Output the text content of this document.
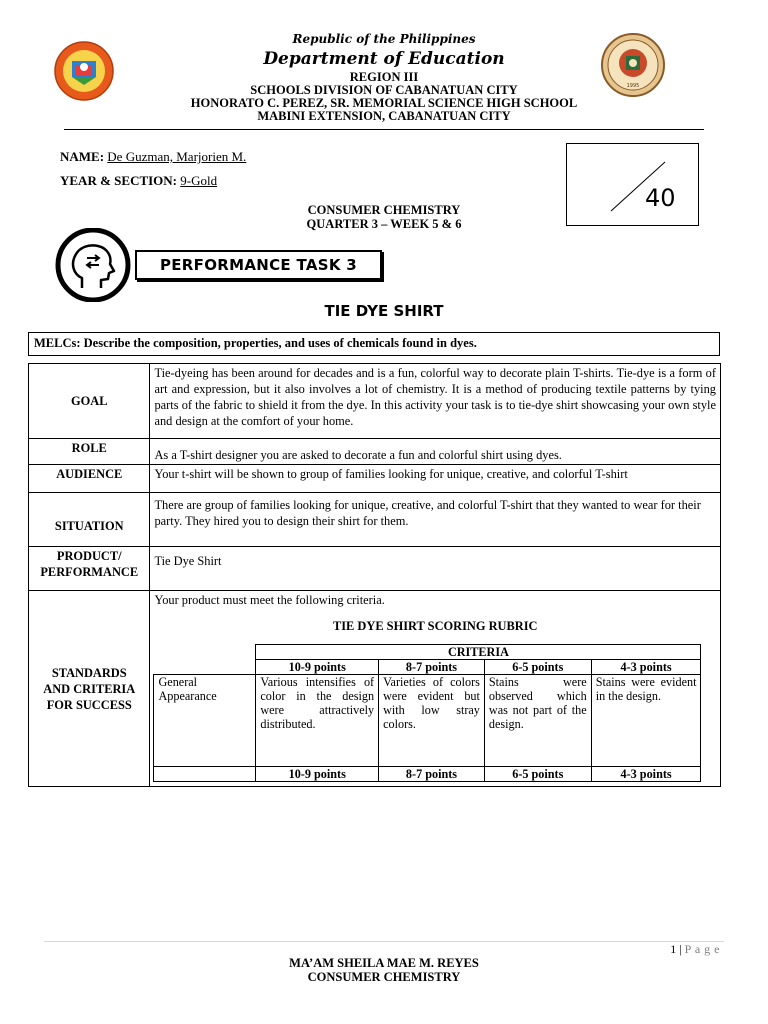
1995
Republic of the Philippines
Department of Education
REGION III
SCHOOLS DIVISION OF CABANATUAN CITY
HONORATO C. PEREZ, SR. MEMORIAL SCIENCE HIGH SCHOOL
MABINI EXTENSION, CABANATUAN CITY
NAME: De Guzman, Marjorien M.
YEAR & SECTION: 9-Gold
40
CONSUMER CHEMISTRY
QUARTER 3 – WEEK 5 & 6
PERFORMANCE TASK 3
TIE DYE SHIRT
MELCs: Describe the composition, properties, and uses of chemicals found in dyes.
GOAL	Tie-dyeing has been around for decades and is a fun, colorful way to decorate plain T-shirts. Tie-dye is a form of art and expression, but it also involves a lot of chemistry. It is a method of producing textile patterns by tying parts of the fabric to shield it from the dye. In this activity your task is to tie-dye shirt showcasing your own style and design at the comfort of your home.
ROLE	As a T-shirt designer you are asked to decorate a fun and colorful shirt using dyes.
AUDIENCE	Your t-shirt will be shown to group of families looking for unique, creative, and colorful T-shirt
SITUATION	There are group of families looking for unique, creative, and colorful T-shirt that they wanted to wear for their party. They hired you to design their shirt for them.

PRODUCT/
PERFORMANCE
	Tie Dye Shirt

STANDARDS
AND CRITERIA
FOR SUCCESS

Your product must meet the following criteria.
TIE DYE SHIRT SCORING RUBRIC
	CRITERIA
	10-9 points	8-7 points	6-5 points	4-3 points
General Appearance	Various intensifies of color in the design were attractively distributed.	Varieties of colors were evident but with low stray colors.	Stains were observed which was not part of the design.	Stains were evident in the design.
	10-9 points	8-7 points	6-5 points	4-3 points
1 | P a g e
MA’AM SHEILA MAE M. REYES
CONSUMER CHEMISTRY
